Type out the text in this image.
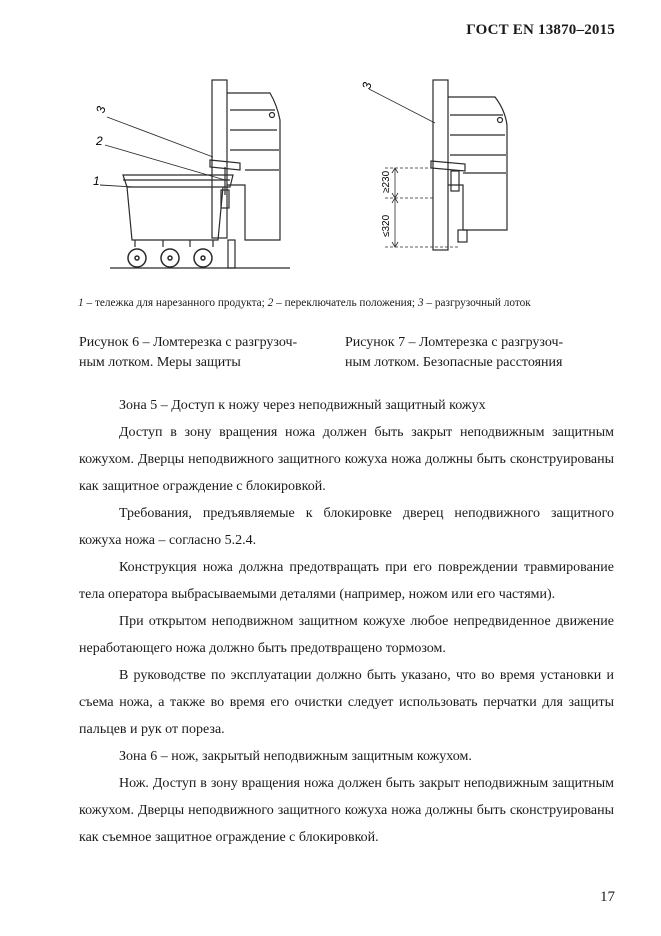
ГОСТ EN 13870–2015
3
2
1
3
≥230
≤320
1 – тележка для нарезанного продукта; 2 – переключатель положения; 3 – разгрузочный лоток
Рисунок 6 – Ломтерезка с разгрузоч-
ным лотком. Меры защиты
Рисунок 7 – Ломтерезка с разгрузоч-
ным лотком. Безопасные расстояния

Зона 5 – Доступ к ножу через неподвижный защитный кожух

Доступ в зону вращения ножа должен быть закрыт неподвижным защитным кожухом. Дверцы неподвижного защитного кожуха ножа должны быть сконструированы как защитное ограждение с блокировкой.

Требования, предъявляемые к блокировке дверец неподвижного защитного кожуха ножа – согласно 5.2.4.

Конструкция ножа должна предотвращать при его повреждении травмирование тела оператора выбрасываемыми деталями (например, ножом или его частями).

При открытом неподвижном защитном кожухе любое непредвиденное движение неработающего ножа должно быть предотвращено тормозом.

В руководстве по эксплуатации должно быть указано, что во время установки и съема ножа, а также во время его очистки следует использовать перчатки для защиты пальцев и рук от пореза.

Зона 6 – нож, закрытый неподвижным защитным кожухом.

Нож. Доступ в зону вращения ножа должен быть закрыт неподвижным защитным кожухом. Дверцы неподвижного защитного кожуха ножа должны быть сконструированы как съемное защитное ограждение с блокировкой.

17
